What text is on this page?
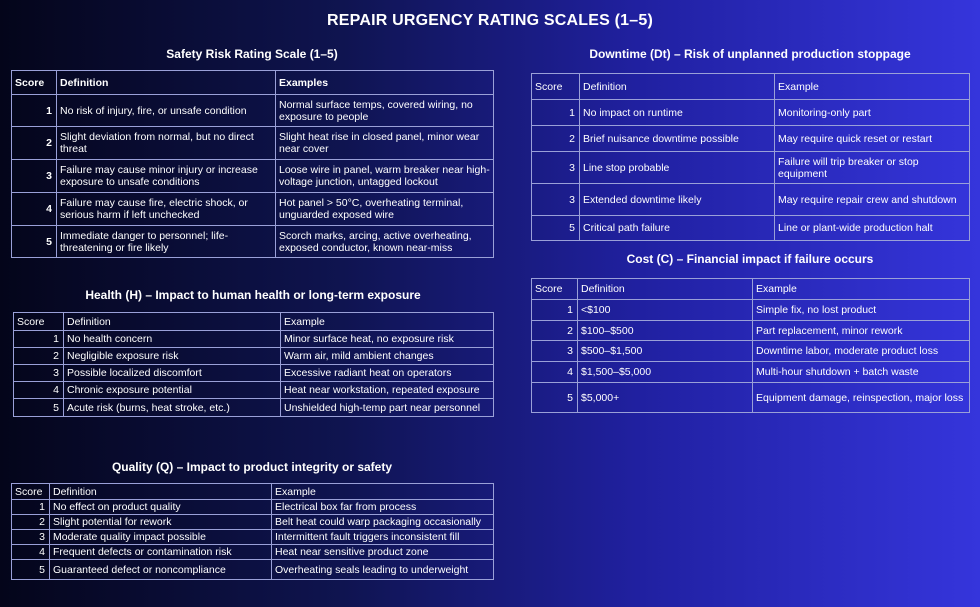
REPAIR URGENCY RATING SCALES (1–5)
Safety Risk Rating Scale (1–5)
Score	Definition	Examples
1	No risk of injury, fire, or unsafe condition	Normal surface temps, covered wiring, no exposure to people
2	Slight deviation from normal, but no direct threat	Slight heat rise in closed panel, minor wear near cover
3	Failure may cause minor injury or increase exposure to unsafe conditions	Loose wire in panel, warm breaker near high-voltage junction, untagged lockout
4	Failure may cause fire, electric shock, or serious harm if left unchecked	Hot panel > 50°C, overheating terminal, unguarded exposed wire
5	Immediate danger to personnel; life-threatening or fire likely	Scorch marks, arcing, active overheating, exposed conductor, known near-miss
Health (H) – Impact to human health or long-term exposure
Score	Definition	Example
1	No health concern	Minor surface heat, no exposure risk
2	Negligible exposure risk	Warm air, mild ambient changes
3	Possible localized discomfort	Excessive radiant heat on operators
4	Chronic exposure potential	Heat near workstation, repeated exposure
5	Acute risk (burns, heat stroke, etc.)	Unshielded high-temp part near personnel
Quality (Q) – Impact to product integrity or safety
Score	Definition	Example
1	No effect on product quality	Electrical box far from process
2	Slight potential for rework	Belt heat could warp packaging occasionally
3	Moderate quality impact possible	Intermittent fault triggers inconsistent fill
4	Frequent defects or contamination risk	Heat near sensitive product zone
5	Guaranteed defect or noncompliance	Overheating seals leading to underweight
Downtime (Dt) – Risk of unplanned production stoppage
Score	Definition	Example
1	No impact on runtime	Monitoring-only part
2	Brief nuisance downtime possible	May require quick reset or restart
3	Line stop probable	Failure will trip breaker or stop equipment
3	Extended downtime likely	May require repair crew and shutdown
5	Critical path failure	Line or plant-wide production halt
Cost (C) – Financial impact if failure occurs
Score	Definition	Example
1	<$100	Simple fix, no lost product
2	$100–$500	Part replacement, minor rework
3	$500–$1,500	Downtime labor, moderate product loss
4	$1,500–$5,000	Multi-hour shutdown + batch waste
5	$5,000+	Equipment damage, reinspection, major loss
